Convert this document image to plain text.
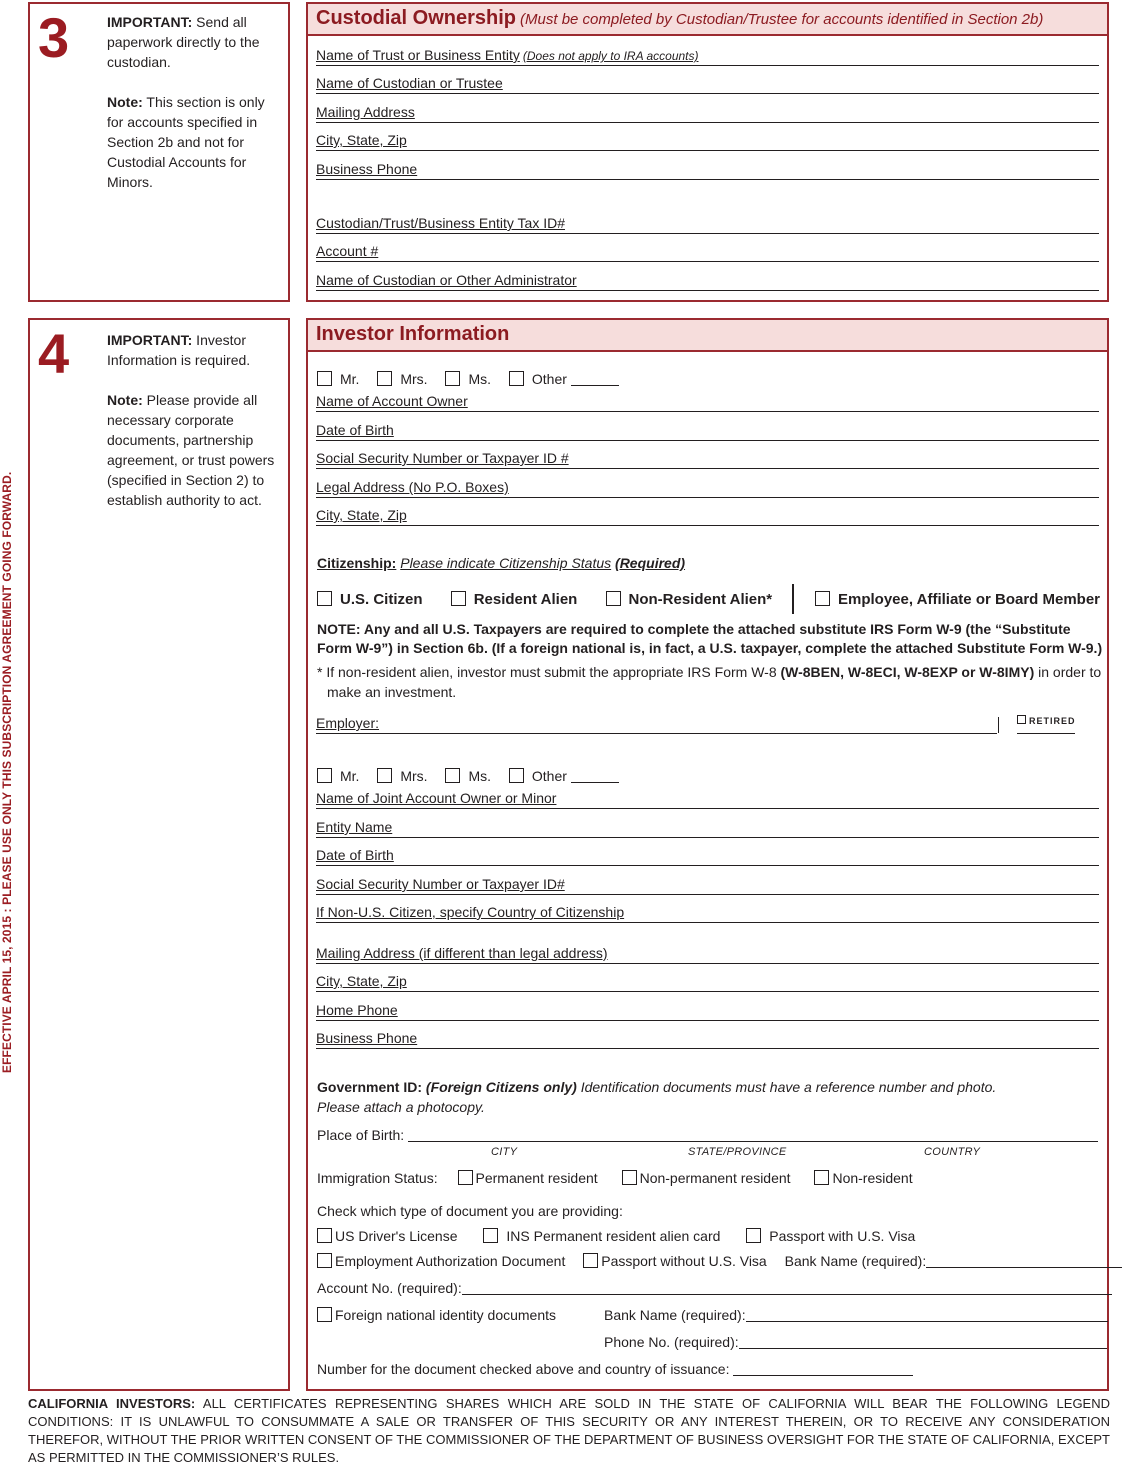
EFFECTIVE APRIL 15, 2015 : PLEASE USE ONLY THIS SUBSCRIPTION AGREEMENT GOING FORWARD.
3	IMPORTANT: Send all paperwork directly to the custodian.
Note: This section is only for accounts specified in Section 2b and not for Custodial Accounts for Minors.
Custodial Ownership (Must be completed by Custodian/Trustee for accounts identified in Section 2b)
Name of Trust or Business Entity (Does not apply to IRA accounts)
Name of Custodian or Trustee
Mailing Address
City, State, Zip
Business Phone
Custodian/Trust/Business Entity Tax ID#
Account #
Name of Custodian or Other Administrator
4	IMPORTANT: Investor Information is required.
Note: Please provide all necessary corporate documents, partnership agreement, or trust powers (specified in Section 2) to establish authority to act.
Investor Information
Mr.	Mrs.	Ms.	Other
Name of Account Owner
Date of Birth
Social Security Number or Taxpayer ID #
Legal Address (No P.O. Boxes)
City, State, Zip
Citizenship: Please indicate Citizenship Status (Required)
U.S. Citizen	Resident Alien	Non-Resident Alien*	Employee, Affiliate or Board Member
NOTE: Any and all U.S. Taxpayers are required to complete the attached substitute IRS Form W-9 (the “Substitute Form W-9”) in Section 6b. (If a foreign national is, in fact, a U.S. taxpayer, complete the attached Substitute Form W-9.)
* If non-resident alien, investor must submit the appropriate IRS Form W-8 (W-8BEN, W-8ECI, W-8EXP or W-8IMY) in order to make an investment.
Employer:	RETIRED
Mr.	Mrs.	Ms.	Other
Name of Joint Account Owner or Minor
Entity Name
Date of Birth
Social Security Number or Taxpayer ID#
If Non-U.S. Citizen, specify Country of Citizenship
Mailing Address (if different than legal address)
City, State, Zip
Home Phone
Business Phone
Government ID: (Foreign Citizens only) Identification documents must have a reference number and photo.
Please attach a photocopy.
Place of Birth:
CITY	STATE/PROVINCE	COUNTRY
Immigration Status:	Permanent resident	Non-permanent resident	Non-resident
Check which type of document you are providing:
US Driver's License	INS Permanent resident alien card	Passport with U.S. Visa
Employment Authorization Document	Passport without U.S. Visa Bank Name (required):
Account No. (required):
Foreign national identity documents	Bank Name (required):
Phone No. (required):
Number for the document checked above and country of issuance:
CALIFORNIA INVESTORS: ALL CERTIFICATES REPRESENTING SHARES WHICH ARE SOLD IN THE STATE OF CALIFORNIA WILL BEAR THE FOLLOWING LEGEND CONDITIONS: IT IS UNLAWFUL TO CONSUMMATE A SALE OR TRANSFER OF THIS SECURITY OR ANY INTEREST THEREIN, OR TO RECEIVE ANY CONSIDERATION THEREFOR, WITHOUT THE PRIOR WRITTEN CONSENT OF THE COMMISSIONER OF THE DEPARTMENT OF BUSINESS OVERSIGHT FOR THE STATE OF CALIFORNIA, EXCEPT AS PERMITTED IN THE COMMISSIONER’S RULES.
